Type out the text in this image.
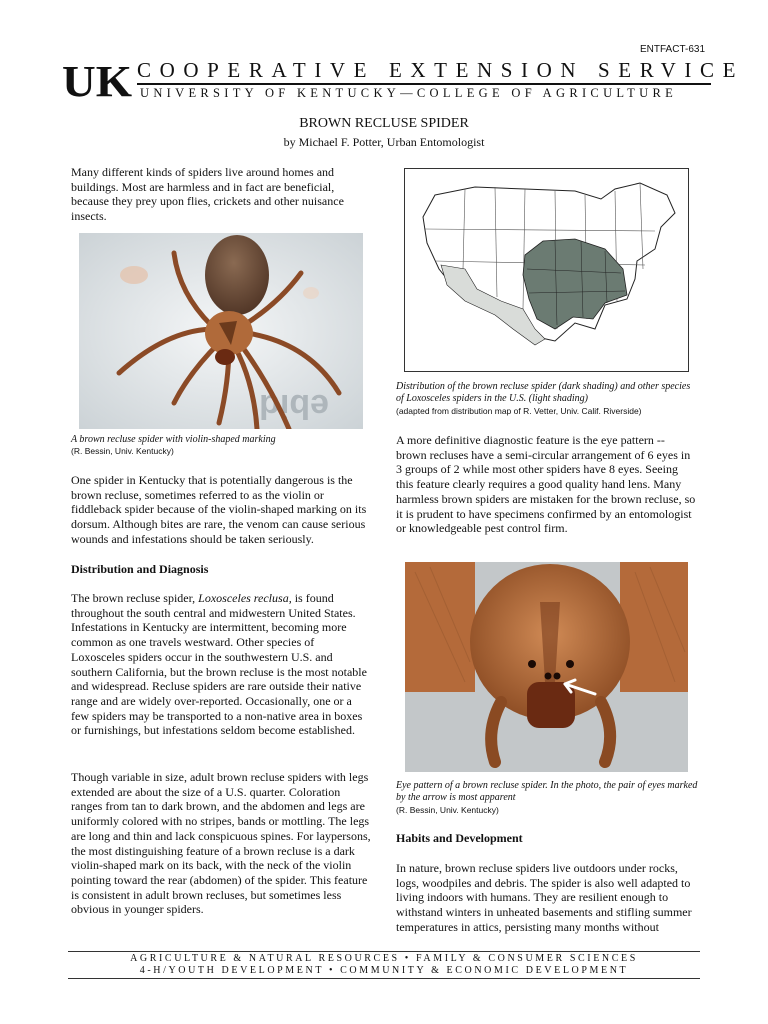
ENTFACT-631
UK COOPERATIVE EXTENSION SERVICE
UNIVERSITY OF KENTUCKY—COLLEGE OF AGRICULTURE
BROWN RECLUSE SPIDER
by Michael F. Potter, Urban Entomologist
Many different kinds of spiders live around homes and buildings. Most are harmless and in fact are beneficial, because they prey upon flies, crickets and other nuisance insects.
ebid
A brown recluse spider with violin-shaped marking
(R. Bessin, Univ. Kentucky)
One spider in Kentucky that is potentially dangerous is the brown recluse, sometimes referred to as the violin or fiddleback spider because of the violin-shaped marking on its dorsum. Although bites are rare, the venom can cause serious wounds and infestations should be taken seriously.
Distribution and Diagnosis
The brown recluse spider, Loxosceles reclusa, is found throughout the south central and midwestern United States. Infestations in Kentucky are intermittent, becoming more common as one travels westward. Other species of Loxosceles spiders occur in the southwestern U.S. and southern California, but the brown recluse is the most notable and widespread. Recluse spiders are rare outside their native range and are widely over-reported. Occasionally, one or a few spiders may be transported to a non-native area in boxes or furnishings, but infestations seldom become established.
Though variable in size, adult brown recluse spiders with legs extended are about the size of a U.S. quarter. Coloration ranges from tan to dark brown, and the abdomen and legs are uniformly colored with no stripes, bands or mottling. The legs are long and thin and lack conspicuous spines. For laypersons, the most distinguishing feature of a brown recluse is a dark violin-shaped mark on its back, with the neck of the violin pointing toward the rear (abdomen) of the spider. This feature is consistent in adult brown recluses, but sometimes less obvious in younger spiders.
Distribution of the brown recluse spider (dark shading) and other species of Loxosceles spiders in the U.S. (light shading)
(adapted from distribution map of R. Vetter, Univ. Calif. Riverside)
A more definitive diagnostic feature is the eye pattern -- brown recluses have a semi-circular arrangement of 6 eyes in 3 groups of 2 while most other spiders have 8 eyes. Seeing this feature clearly requires a good quality hand lens. Many harmless brown spiders are mistaken for the brown recluse, so it is prudent to have specimens confirmed by an entomologist or knowledgeable pest control firm.
Eye pattern of a brown recluse spider. In the photo, the pair of eyes marked by the arrow is most apparent
(R. Bessin, Univ. Kentucky)
Habits and Development
In nature, brown recluse spiders live outdoors under rocks, logs, woodpiles and debris. The spider is also well adapted to living indoors with humans. They are resilient enough to withstand winters in unheated basements and stifling summer temperatures in attics, persisting many months without
AGRICULTURE & NATURAL RESOURCES • FAMILY & CONSUMER SCIENCES
4-H/YOUTH DEVELOPMENT • COMMUNITY & ECONOMIC DEVELOPMENT
